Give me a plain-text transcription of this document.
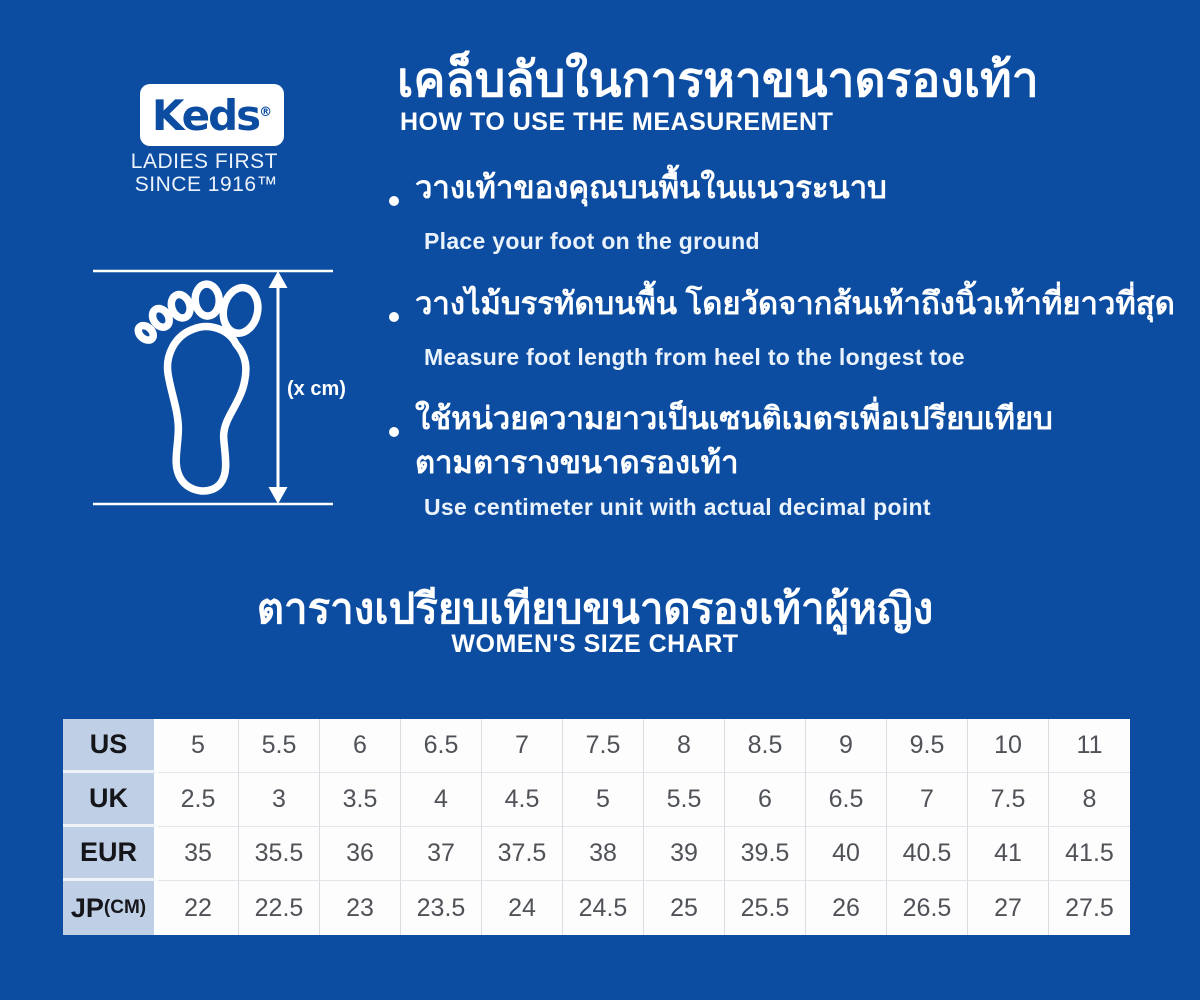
Keds®
LADIES FIRST
SINCE 1916™
เคล็บลับในการหาขนาดรองเท้า
HOW TO USE THE MEASUREMENT
(x cm)
วางเท้าของคุณบนพื้นในแนวระนาบ
Place your foot on the ground
วางไม้บรรทัดบนพื้น โดยวัดจากส้นเท้าถึงนิ้วเท้าที่ยาวที่สุด
Measure foot length from heel to the longest toe
ใช้หน่วยความยาวเป็นเซนติเมตรเพื่อเปรียบเทียบ
ตามตารางขนาดรองเท้า
Use centimeter unit with actual decimal point
ตารางเปรียบเทียบขนาดรองเท้าผู้หญิง
WOMEN'S SIZE CHART
US	5	5.5	6	6.5	7	7.5	8	8.5	9	9.5	10	11
UK	2.5	3	3.5	4	4.5	5	5.5	6	6.5	7	7.5	8
EUR	35	35.5	36	37	37.5	38	39	39.5	40	40.5	41	41.5
JP (CM)	22	22.5	23	23.5	24	24.5	25	25.5	26	26.5	27	27.5
